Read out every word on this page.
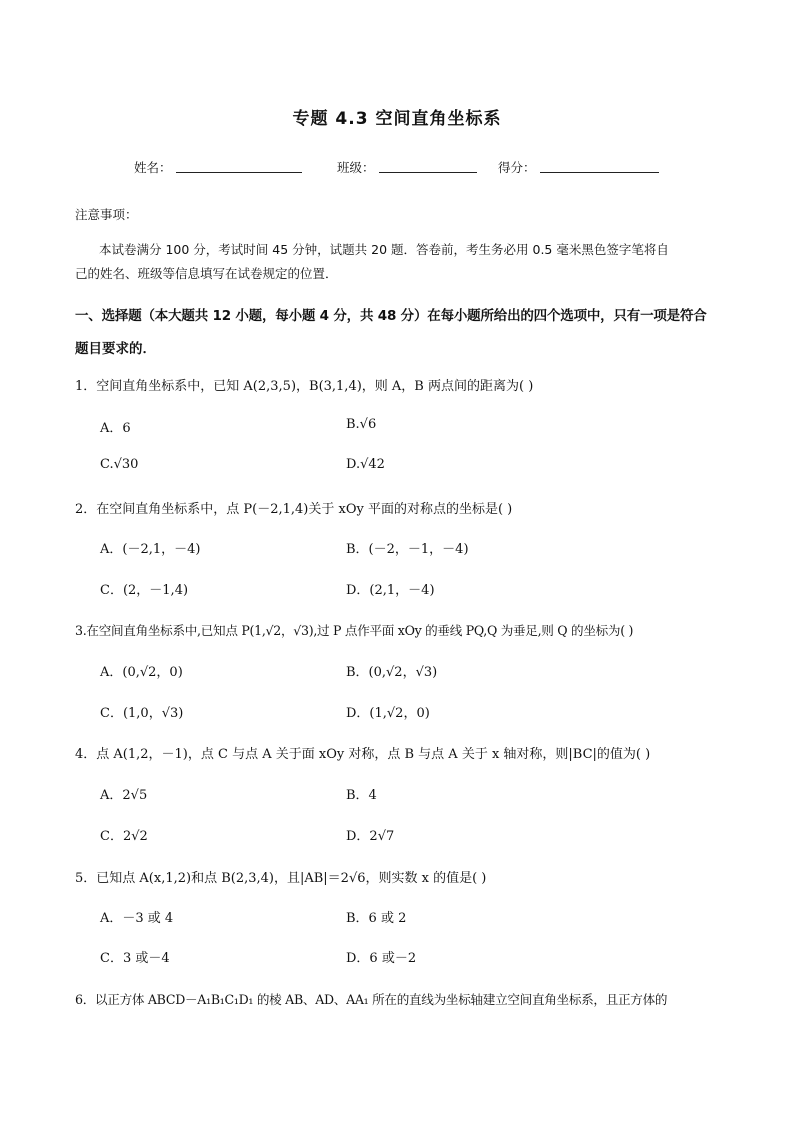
专题 4.3 空间直角坐标系
姓名：	班级：	得分：
注意事项：
本试卷满分 100 分，考试时间 45 分钟，试题共 20 题．答卷前，考生务必用 0.5 毫米黑色签字笔将自
己的姓名、班级等信息填写在试卷规定的位置．
一、选择题（本大题共 12 小题，每小题 4 分，共 48 分）在每小题所给出的四个选项中，只有一项是符合
题目要求的．
1．空间直角坐标系中，已知 A(2,3,5)，B(3,1,4)，则 A，B 两点间的距离为( )
A．6	B.√6
C.√30	D.√42
2．在空间直角坐标系中，点 P(－2,1,4)关于 xOy 平面的对称点的坐标是( )
A．(－2,1，－4)	B．(－2，－1，－4)
C．(2，－1,4)	D．(2,1，－4)
3.在空间直角坐标系中,已知点 P(1,√2，√3),过 P 点作平面 xOy 的垂线 PQ,Q 为垂足,则 Q 的坐标为( )
A．(0,√2，0)	B．(0,√2，√3)
C．(1,0，√3)	D．(1,√2，0)
4．点 A(1,2，－1)，点 C 与点 A 关于面 xOy 对称，点 B 与点 A 关于 x 轴对称，则|BC|的值为( )
A．2√5	B．4
C．2√2	D．2√7
5．已知点 A(x,1,2)和点 B(2,3,4)，且|AB|＝2√6，则实数 x 的值是( )
A．－3 或 4	B．6 或 2
C．3 或－4	D．6 或－2
6．以正方体 ABCD－A₁B₁C₁D₁ 的棱 AB、AD、AA₁ 所在的直线为坐标轴建立空间直角坐标系，且正方体的
